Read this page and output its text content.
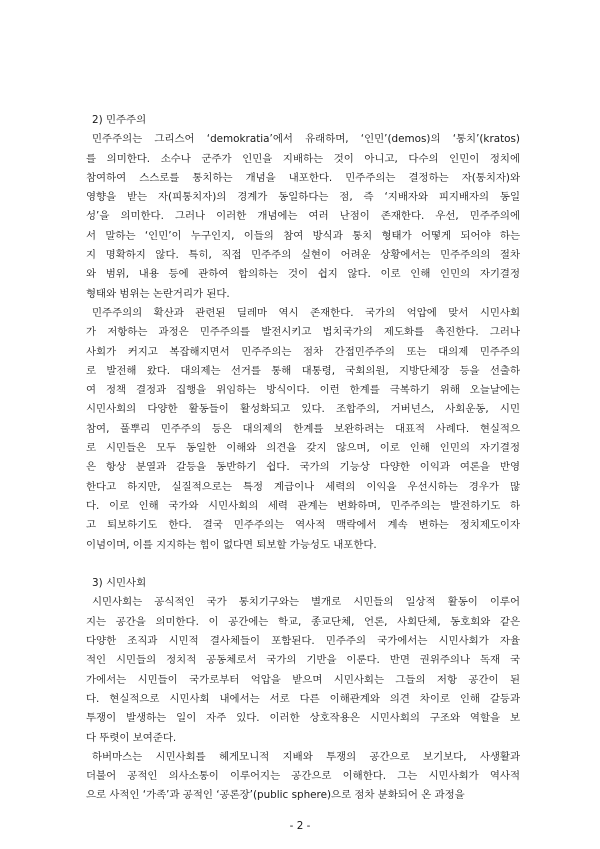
2) 민주주의
민주주의는 그리스어 ‘demokratia’에서 유래하며, ‘인민’(demos)의 ‘통치’(kratos)
를 의미한다. 소수나 군주가 인민을 지배하는 것이 아니고, 다수의 인민이 정치에
참여하여 스스로를 통치하는 개념을 내포한다. 민주주의는 결정하는 자(통치자)와
영향을 받는 자(피통치자)의 경계가 동일하다는 점, 즉 ‘지배자와 피지배자의 동일
성’을 의미한다. 그러나 이러한 개념에는 여러 난점이 존재한다. 우선, 민주주의에
서 말하는 ‘인민’이 누구인지, 이들의 참여 방식과 통치 형태가 어떻게 되어야 하는
지 명확하지 않다. 특히, 직접 민주주의 실현이 어려운 상황에서는 민주주의의 절차
와 범위, 내용 등에 관하여 합의하는 것이 쉽지 않다. 이로 인해 인민의 자기결정
형태와 범위는 논란거리가 된다.
민주주의의 확산과 관련된 딜레마 역시 존재한다. 국가의 억압에 맞서 시민사회
가 저항하는 과정은 민주주의를 발전시키고 법치국가의 제도화를 촉진한다. 그러나
사회가 커지고 복잡해지면서 민주주의는 점차 간접민주주의 또는 대의제 민주주의
로 발전해 왔다. 대의제는 선거를 통해 대통령, 국회의원, 지방단체장 등을 선출하
여 정책 결정과 집행을 위임하는 방식이다. 이런 한계를 극복하기 위해 오늘날에는
시민사회의 다양한 활동들이 활성화되고 있다. 조합주의, 거버넌스, 사회운동, 시민
참여, 풀뿌리 민주주의 등은 대의제의 한계를 보완하려는 대표적 사례다. 현실적으
로 시민들은 모두 동일한 이해와 의견을 갖지 않으며, 이로 인해 인민의 자기결정
은 항상 분열과 갈등을 동반하기 쉽다. 국가의 기능상 다양한 이익과 여론을 반영
한다고 하지만, 실질적으로는 특정 계급이나 세력의 이익을 우선시하는 경우가 많
다. 이로 인해 국가와 시민사회의 세력 관계는 변화하며, 민주주의는 발전하기도 하
고 퇴보하기도 한다. 결국 민주주의는 역사적 맥락에서 계속 변하는 정치제도이자
이념이며, 이를 지지하는 힘이 없다면 퇴보할 가능성도 내포한다.
3) 시민사회
시민사회는 공식적인 국가 통치기구와는 별개로 시민들의 일상적 활동이 이루어
지는 공간을 의미한다. 이 공간에는 학교, 종교단체, 언론, 사회단체, 동호회와 같은
다양한 조직과 시민적 결사체들이 포함된다. 민주주의 국가에서는 시민사회가 자율
적인 시민들의 정치적 공동체로서 국가의 기반을 이룬다. 반면 권위주의나 독재 국
가에서는 시민들이 국가로부터 억압을 받으며 시민사회는 그들의 저항 공간이 된
다. 현실적으로 시민사회 내에서는 서로 다른 이해관계와 의견 차이로 인해 갈등과
투쟁이 발생하는 일이 자주 있다. 이러한 상호작용은 시민사회의 구조와 역할을 보
다 뚜렷이 보여준다.
하버마스는 시민사회를 헤게모니적 지배와 투쟁의 공간으로 보기보다, 사생활과
더불어 공적인 의사소통이 이루어지는 공간으로 이해한다. 그는 시민사회가 역사적
으로 사적인 ‘가족’과 공적인 ‘공론장’(public sphere)으로 점차 분화되어 온 과정을
- 2 -
